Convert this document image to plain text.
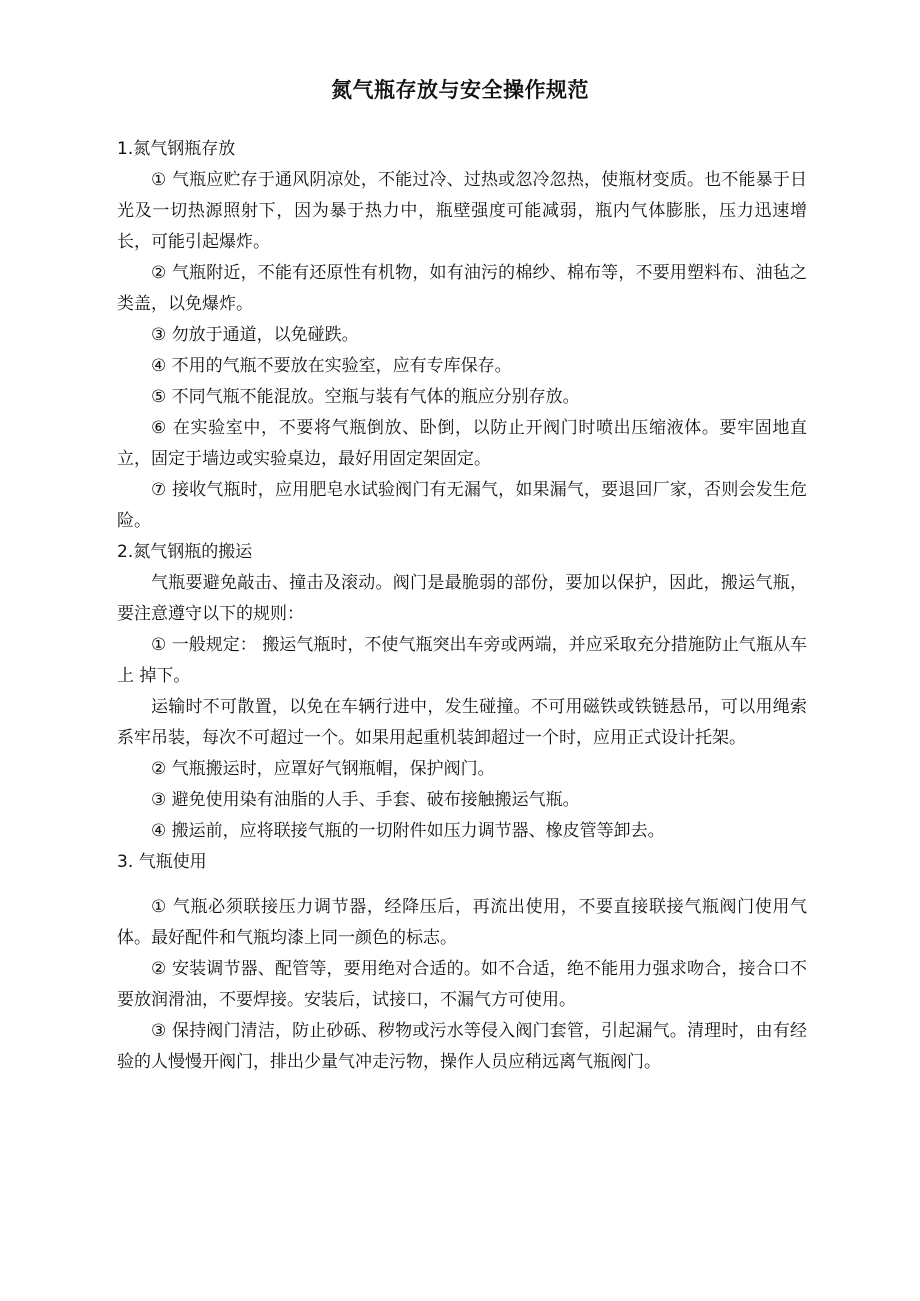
氮气瓶存放与安全操作规范
1.氮气钢瓶存放

① 气瓶应贮存于通风阴凉处，不能过冷、过热或忽冷忽热，使瓶材变质。也不能暴于日光及一切热源照射下，因为暴于热力中，瓶壁强度可能减弱，瓶内气体膨胀，压力迅速增长，可能引起爆炸。

② 气瓶附近，不能有还原性有机物，如有油污的棉纱、棉布等，不要用塑料布、油毡之类盖，以免爆炸。

③ 勿放于通道，以免碰跌。

④ 不用的气瓶不要放在实验室，应有专库保存。

⑤ 不同气瓶不能混放。空瓶与装有气体的瓶应分别存放。

⑥ 在实验室中，不要将气瓶倒放、卧倒，以防止开阀门时喷出压缩液体。要牢固地直立，固定于墙边或实验桌边，最好用固定架固定。

⑦ 接收气瓶时，应用肥皂水试验阀门有无漏气，如果漏气，要退回厂家，否则会发生危险。

2.氮气钢瓶的搬运

气瓶要避免敲击、撞击及滚动。阀门是最脆弱的部份，要加以保护，因此，搬运气瓶，要注意遵守以下的规则：

① 一般规定： 搬运气瓶时，不使气瓶突出车旁或两端，并应采取充分措施防止气瓶从车上 掉下。

运输时不可散置，以免在车辆行进中，发生碰撞。不可用磁铁或铁链悬吊，可以用绳索系牢吊装，每次不可超过一个。如果用起重机装卸超过一个时，应用正式设计托架。

② 气瓶搬运时，应罩好气钢瓶帽，保护阀门。

③ 避免使用染有油脂的人手、手套、破布接触搬运气瓶。

④ 搬运前，应将联接气瓶的一切附件如压力调节器、橡皮管等卸去。

3. 气瓶使用

① 气瓶必须联接压力调节器，经降压后，再流出使用，不要直接联接气瓶阀门使用气体。最好配件和气瓶均漆上同一颜色的标志。

② 安装调节器、配管等，要用绝对合适的。如不合适，绝不能用力强求吻合，接合口不要放润滑油，不要焊接。安装后，试接口，不漏气方可使用。

③ 保持阀门清洁，防止砂砾、秽物或污水等侵入阀门套管，引起漏气。清理时，由有经验的人慢慢开阀门，排出少量气冲走污物，操作人员应稍远离气瓶阀门。
